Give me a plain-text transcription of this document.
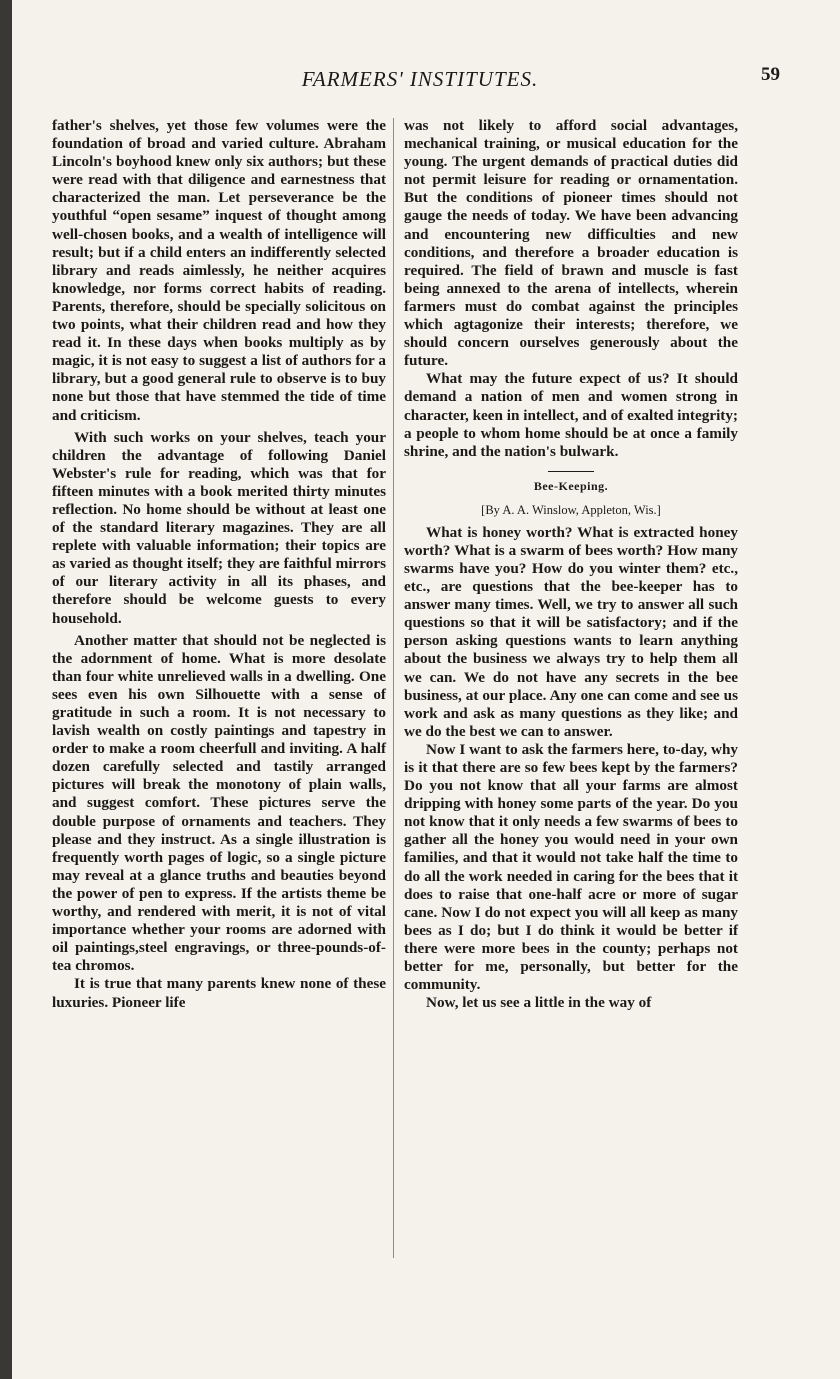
FARMERS' INSTITUTES.	59

father's shelves, yet those few volumes were the foundation of broad and varied culture. Abraham Lincoln's boyhood knew only six authors; but these were read with that diligence and earnestness that characterized the man. Let perseverance be the youthful “open sesame” inquest of thought among well-chosen books, and a wealth of intelligence will result; but if a child enters an indifferently selected library and reads aimlessly, he neither acquires knowledge, nor forms correct habits of reading. Parents, therefore, should be specially solicitous on two points, what their children read and how they read it. In these days when books multiply as by magic, it is not easy to suggest a list of authors for a library, but a good general rule to observe is to buy none but those that have stemmed the tide of time and criticism.

With such works on your shelves, teach your children the advantage of following Daniel Webster's rule for reading, which was that for fifteen minutes with a book merited thirty minutes reflection. No home should be without at least one of the standard literary magazines. They are all replete with valuable information; their topics are as varied as thought itself; they are faithful mirrors of our literary activity in all its phases, and therefore should be welcome guests to every household.

Another matter that should not be neglected is the adornment of home. What is more desolate than four white unrelieved walls in a dwelling. One sees even his own Silhouette with a sense of gratitude in such a room. It is not necessary to lavish wealth on costly paintings and tapestry in order to make a room cheerfull and inviting. A half dozen carefully selected and tastily arranged pictures will break the monotony of plain walls, and suggest comfort. These pictures serve the double purpose of ornaments and teachers. They please and they instruct. As a single illustration is frequently worth pages of logic, so a single picture may reveal at a glance truths and beauties beyond the power of pen to express. If the artists theme be worthy, and rendered with merit, it is not of vital importance whether your rooms are adorned with oil paintings,steel engravings, or three-pounds-of-tea chromos.

It is true that many parents knew none of these luxuries. Pioneer life

was not likely to afford social advantages, mechanical training, or musical education for the young. The urgent demands of practical duties did not permit leisure for reading or ornamentation. But the conditions of pioneer times should not gauge the needs of today. We have been advancing and encountering new difficulties and new conditions, and therefore a broader education is required. The field of brawn and muscle is fast being annexed to the arena of intellects, wherein farmers must do combat against the principles which agtagonize their interests; therefore, we should concern ourselves generously about the future.

What may the future expect of us? It should demand a nation of men and women strong in character, keen in intellect, and of exalted integrity; a people to whom home should be at once a family shrine, and the nation's bulwark.

Bee-Keeping.

[By A. A. Winslow, Appleton, Wis.]

What is honey worth? What is extracted honey worth? What is a swarm of bees worth? How many swarms have you? How do you winter them? etc., etc., are questions that the bee-keeper has to answer many times. Well, we try to answer all such questions so that it will be satisfactory; and if the person asking questions wants to learn anything about the business we always try to help them all we can. We do not have any secrets in the bee business, at our place. Any one can come and see us work and ask as many questions as they like; and we do the best we can to answer.

Now I want to ask the farmers here, to-day, why is it that there are so few bees kept by the farmers? Do you not know that all your farms are almost dripping with honey some parts of the year. Do you not know that it only needs a few swarms of bees to gather all the honey you would need in your own families, and that it would not take half the time to do all the work needed in caring for the bees that it does to raise that one-half acre or more of sugar cane. Now I do not expect you will all keep as many bees as I do; but I do think it would be better if there were more bees in the county; perhaps not better for me, personally, but better for the community.

Now, let us see a little in the way of
